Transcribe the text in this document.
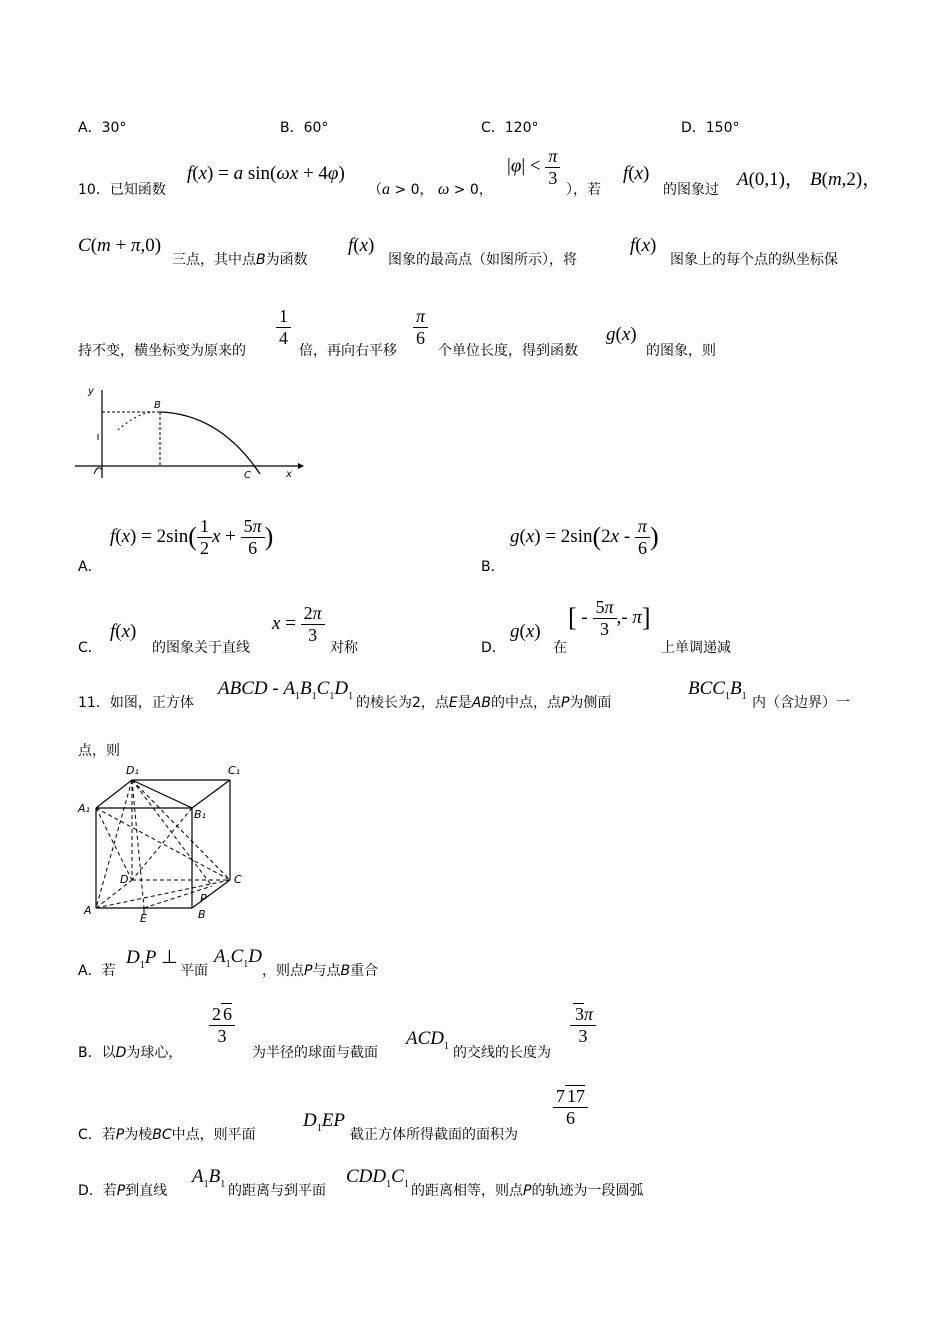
A．30°	B．60°	C．120°	D．150°
10．已知函数
f(x) = a sin(ωx + 4φ)
（a > 0， ω > 0，
$|\varphi| < \frac{\pi}{3}$
），若
f(x)
的图象过 A(0,1)， B(m,2)，
C(m + π,0)
三点，其中点B为函数
f(x)
图象的最高点（如图所示），将
f(x)
图象上的每个点的纵坐标保
持不变，横坐标变为原来的
$\frac{1}{4}$
倍，再向右平移
$\frac{\pi}{6}$
个单位长度，得到函数
g(x)
的图象，则
y
x
B
C
A．
$f(x) = 2\sin( \frac{1}{2}$ $x + \frac{5\pi}{6}$ )
B．
$g(x) = 2\sin(2x - \frac{\pi}{6}$ )
C．
f(x)
的图象关于直线
$x = \frac{2\pi}{3}$
对称	D．
g(x)
在
[ - $\frac{5\pi}{3}$ ,- π]
上单调递减
11．如图，正方体
ABCD - $A_1B_1C_1D_1$ 的棱长为2，点E是AB的中点，点P为侧面
$BCC_1B_1$ 内（含边界）一
点，则
D₁	C₁
A₁	B₁
D	C
P
A
E	B
A．若
$D_1P$ ⊥
平面
$A_1C_1D$
，则点P与点B重合
B．以D为球心，
$\frac{2 6}{3}$
为半径的球面与截面
$ACD_1$ 的交线的长度为
$\frac{3\pi}{3}$
C．若P为棱BC中点，则平面
$D_1EP$
截正方体所得截面的面积为
$\frac{7 17}{6}$
D．若P到直线
$A_1B_1$ 的距离与到平面
$CDD_1C_1$ 的距离相等，则点P的轨迹为一段圆弧
